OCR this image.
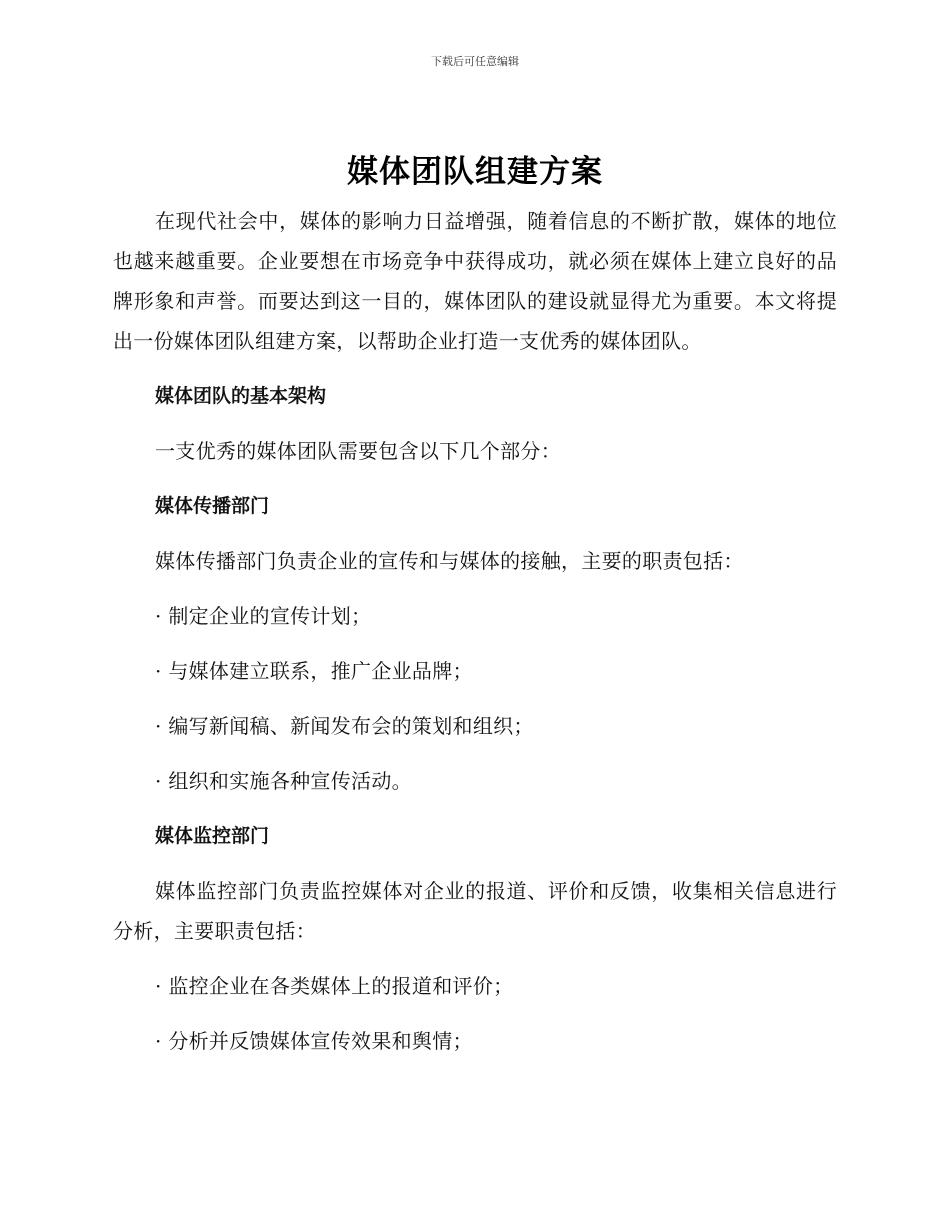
下载后可任意编辑
媒体团队组建方案

在现代社会中，媒体的影响力日益增强，随着信息的不断扩散，媒体的地位也越来越重要。企业要想在市场竞争中获得成功，就必须在媒体上建立良好的品牌形象和声誉。而要达到这一目的，媒体团队的建设就显得尤为重要。本文将提出一份媒体团队组建方案，以帮助企业打造一支优秀的媒体团队。

媒体团队的基本架构

一支优秀的媒体团队需要包含以下几个部分：

媒体传播部门

媒体传播部门负责企业的宣传和与媒体的接触，主要的职责包括：

· 制定企业的宣传计划；

· 与媒体建立联系，推广企业品牌；

· 编写新闻稿、新闻发布会的策划和组织；

· 组织和实施各种宣传活动。

媒体监控部门

媒体监控部门负责监控媒体对企业的报道、评价和反馈，收集相关信息进行分析，主要职责包括：

· 监控企业在各类媒体上的报道和评价；

· 分析并反馈媒体宣传效果和舆情；
